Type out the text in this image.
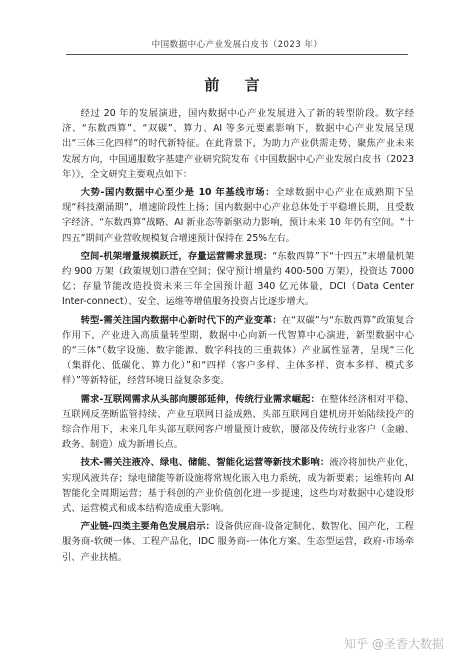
中国数据中心产业发展白皮书（2023 年）
前 言

经过 20 年的发展演进，国内数据中心产业发展进入了新的转型阶段。数字经济、“东数西算”、“双碳”、算力、AI 等多元要素影响下，数据中心产业发展呈现出“三体三化四样”的时代新特征。在此背景下，为助力产业供需走势、聚焦产业未来发展方向，中国通服数字基建产业研究院发布《中国数据中心产业发展白皮书（2023 年）》，全文研究主要观点如下：

大势-国内数据中心至少是 10 年基线市场：全球数据中心产业在成熟期下呈现“科技潮涌期”，增速阶段性上扬；国内数据中心产业总体处于平稳增长期，且受数字经济、“东数西算”战略、AI 新业态等新驱动力影响，预计未来 10 年仍有空间。“十四五”期间产业营收规模复合增速预计保持在 25%左右。

空间-机架增量规模跃迁，存量运营需求显现：“东数西算”下“十四五”末增量机架约 900 万架（政策规划口潜在空间；保守预计增量约 400-500 万架），投资达 7000 亿；存量节能改造投资未来三年全国预计超 340 亿元体量，DCI（Data Center Inter-connect）、安全、运维等增值服务投资占比逐步增大。

转型-需关注国内数据中心新时代下的产业变革：在“双碳”与“东数西算”政策复合作用下，产业进入高质量转型期，数据中心向新一代智算中心演进，新型数据中心的“三体”（数字设施、数字能源、数字科技的三重载体）产业属性显著，呈现“三化（集群化、低碳化、算力化）”和“四样（客户多样、主体多样、资本多样、模式多样）”等新特征，经营环境日益复杂多变。

需求-互联网需求从头部向腰部延伸，传统行业需求崛起：在整体经济相对平稳、互联网反垄断监管持续、产业互联网日益成熟、头部互联网自建机房开始陆续投产的综合作用下，未来几年头部互联网客户增量预计疲软，腰部及传统行业客户（金融、政务、制造）成为新增长点。

技术-需关注液冷、绿电、储能、智能化运营等新技术影响：液冷将加快产业化，实现风液共存；绿电储能等新设施将常规化嵌入电力系统，成为新要素；运维转向 AI 智能化全周期运营；基于科创的产业价值创化进一步提速，这些均对数据中心建设形式、运营模式和成本结构造成重大影响。

产业链-四类主要角色发展启示：设备供应商-设备定制化、数智化、国产化，工程服务商-软硬一体、工程产品化，IDC 服务商-一体化方案、生态型运营，政府-市场牵引、产业扶植。

知乎 @圣香大数据
